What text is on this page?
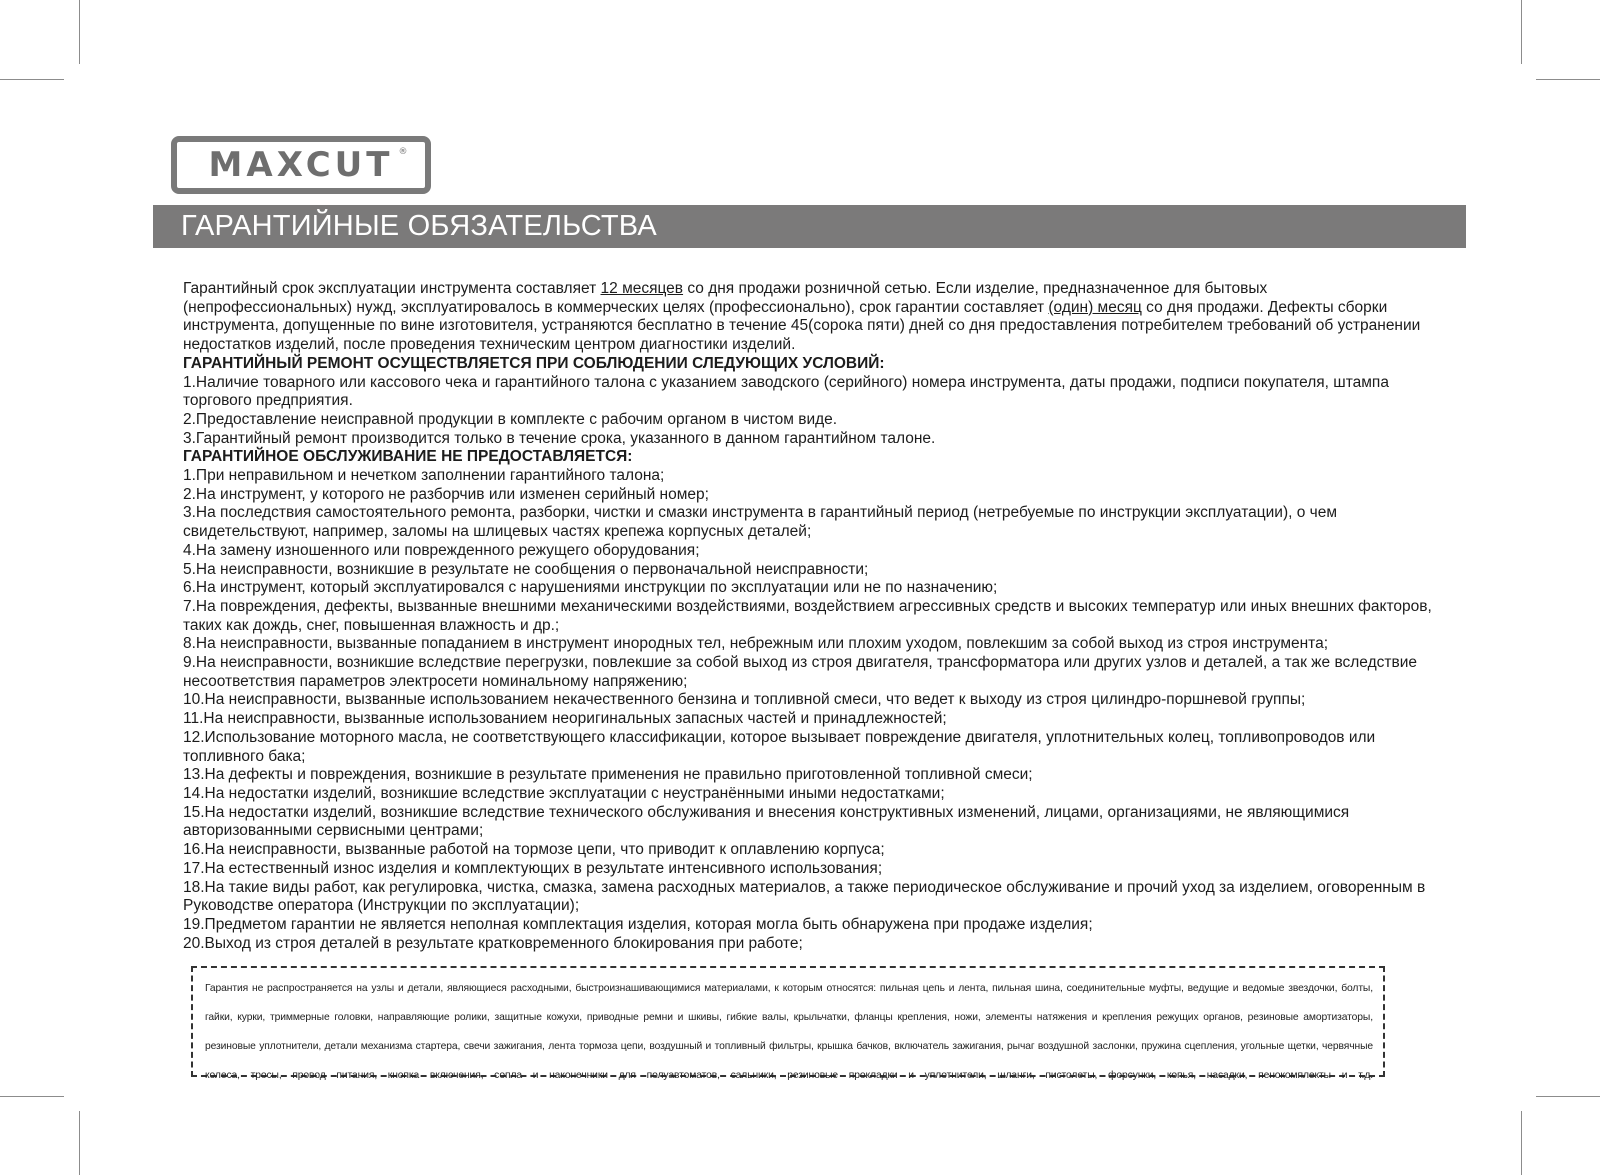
MAXCUT ®
ГАРАНТИЙНЫЕ ОБЯЗАТЕЛЬСТВА

Гарантийный срок эксплуатации инструмента составляет 12 месяцев со дня продажи розничной сетью. Если изделие, предназначенное для бытовых (непрофессиональных) нужд, эксплуатировалось в коммерческих целях (профессионально), срок гарантии составляет (один) месяц со дня продажи. Дефекты сборки инструмента, допущенные по вине изготовителя, устраняются бесплатно в течение 45(сорока пяти) дней со дня предоставления потребителем требований об устранении недостатков изделий, после проведения техническим центром диагностики изделий.

ГАРАНТИЙНЫЙ РЕМОНТ ОСУЩЕСТВЛЯЕТСЯ ПРИ СОБЛЮДЕНИИ СЛЕДУЮЩИХ УСЛОВИЙ:

1.Наличие товарного или кассового чека и гарантийного талона с указанием заводского (серийного) номера инструмента, даты продажи, подписи покупателя, штампа торгового предприятия.

2.Предоставление неисправной продукции в комплекте с рабочим органом в чистом виде.

3.Гарантийный ремонт производится только в течение срока, указанного в данном гарантийном талоне.

ГАРАНТИЙНОЕ ОБСЛУЖИВАНИЕ НЕ ПРЕДОСТАВЛЯЕТСЯ:

1.При неправильном и нечетком заполнении гарантийного талона;

2.На инструмент, у которого не разборчив или изменен серийный номер;

3.На последствия самостоятельного ремонта, разборки, чистки и смазки инструмента в гарантийный период (нетребуемые по инструкции эксплуатации), о чем свидетельствуют, например, заломы на шлицевых частях крепежа корпусных деталей;

4.На замену изношенного или поврежденного режущего оборудования;

5.На неисправности, возникшие в результате не сообщения о первоначальной неисправности;

6.На инструмент, который эксплуатировался с нарушениями инструкции по эксплуатации или не по назначению;

7.На повреждения, дефекты, вызванные внешними механическими воздействиями, воздействием агрессивных средств и высоких температур или иных внешних факторов, таких как дождь, снег, повышенная влажность и др.;

8.На неисправности, вызванные попаданием в инструмент инородных тел, небрежным или плохим уходом, повлекшим за собой выход из строя инструмента;

9.На неисправности, возникшие вследствие перегрузки, повлекшие за собой выход из строя двигателя, трансформатора или других узлов и деталей, а так же вследствие несоответствия параметров электросети номинальному напряжению;

10.На неисправности, вызванные использованием некачественного бензина и топливной смеси, что ведет к выходу из строя цилиндро-поршневой группы;

11.На неисправности, вызванные использованием неоригинальных запасных частей и принадлежностей;

12.Использование моторного масла, не соответствующего классификации, которое вызывает повреждение двигателя, уплотнительных колец, топливопроводов или топливного бака;

13.На дефекты и повреждения, возникшие в результате применения не правильно приготовленной топливной смеси;

14.На недостатки изделий, возникшие вследствие эксплуатации с неустранёнными иными недостатками;

15.На недостатки изделий, возникшие вследствие технического обслуживания и внесения конструктивных изменений, лицами, организациями, не являющимися авторизованными сервисными центрами;

16.На неисправности, вызванные работой на тормозе цепи, что приводит к оплавлению корпуса;

17.На естественный износ изделия и комплектующих в результате интенсивного использования;

18.На такие виды работ, как регулировка, чистка, смазка, замена расходных материалов, а также периодическое обслуживание и прочий уход за изделием, оговоренным в Руководстве оператора (Инструкции по эксплуатации);

19.Предметом гарантии не является неполная комплектация изделия, которая могла быть обнаружена при продаже изделия;

20.Выход из строя деталей в результате кратковременного блокирования при работе;

Гарантия не распространяется на узлы и детали, являющиеся расходными, быстроизнашивающимися материалами, к которым относятся: пильная цепь и лента, пильная шина, соединительные муфты, ведущие и ведомые звездочки, болты, гайки, курки, триммерные головки, направляющие ролики, защитные кожухи, приводные ремни и шкивы, гибкие валы, крыльчатки, фланцы крепления, ножи, элементы натяжения и крепления режущих органов, резиновые амортизаторы, резиновые уплотнители, детали механизма стартера, свечи зажигания, лента тормоза цепи, воздушный и топливный фильтры, крышка бачков, включатель зажигания, рычаг воздушной заслонки, пружина сцепления, угольные щетки, червячные колеса, тросы, провод питания, кнопка включения, сопла и наконечники для полуавтоматов, сальники, резиновые прокладки и уплотнители, шланги, пистолеты, форсунки, копья, насадки, пенокомплекты и т.д.
